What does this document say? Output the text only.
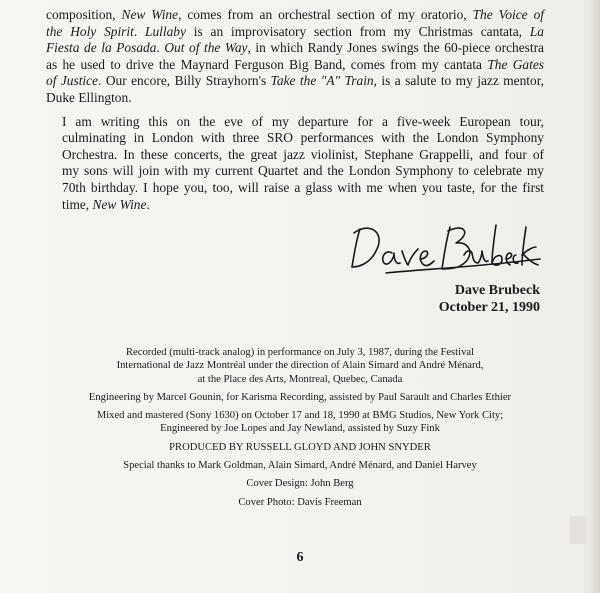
composition, New Wine, comes from an orchestral section of my oratorio, The Voice of
the Holy Spirit. Lullaby is an improvisatory section from my Christmas cantata, La
Fiesta de la Posada. Out of the Way, in which Randy Jones swings the 60-piece orchestra
as he used to drive the Maynard Ferguson Big Band, comes from my cantata The Gates
of Justice. Our encore, Billy Strayhorn's Take the "A" Train, is a salute to my jazz mentor,
Duke Ellington.

I am writing this on the eve of my departure for a five-week European tour,
culminating in London with three SRO performances with the London Symphony
Orchestra. In these concerts, the great jazz violinist, Stephane Grappelli, and four of
my sons will join with my current Quartet and the London Symphony to celebrate my
70th birthday. I hope you, too, will raise a glass with me when you taste, for the first
time, New Wine.

Dave Brubeck
October 21, 1990
Recorded (multi-track analog) in performance on July 3, 1987, during the Festival
International de Jazz Montréal under the direction of Alain Simard and André Ménard,
at the Place des Arts, Montreal, Quebec, Canada
Engineering by Marcel Gounin, for Karisma Recording, assisted by Paul Sarault and Charles Ethier
Mixed and mastered (Sony 1630) on October 17 and 18, 1990 at BMG Studios, New York City;
Engineered by Joe Lopes and Jay Newland, assisted by Suzy Fink
PRODUCED BY RUSSELL GLOYD AND JOHN SNYDER
Special thanks to Mark Goldman, Alain Simard, André Ménard, and Daniel Harvey
Cover Design: John Berg
Cover Photo: Davis Freeman
6
